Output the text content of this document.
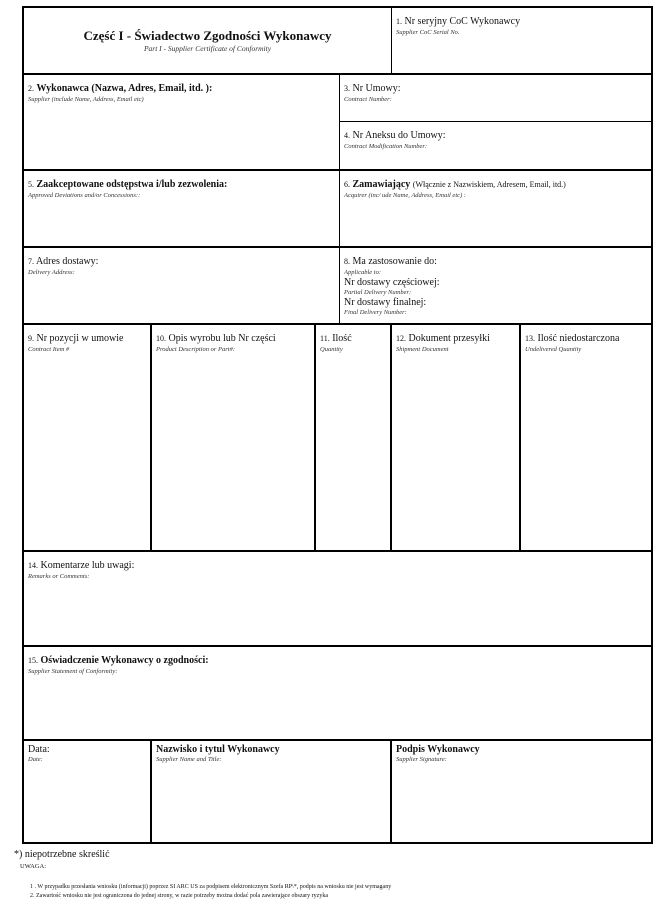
Część I - Świadectwo Zgodności Wykonawcy
Part I - Supplier Certificate of Conformity
1. Nr seryjny CoC Wykonawcy
Supplier CoC Serial No.
2. Wykonawca (Nazwa, Adres, Email, itd. ):
Supplier (include Name, Address, Email etc)
3. Nr Umowy:
Contract Number:
4. Nr Aneksu do Umowy:
Contract Modification Number:
5. Zaakceptowane odstępstwa i/lub zezwolenia:
Approved Deviations and/or Concessions::
6. Zamawiający (Włącznie z Nazwiskiem, Adresem, Email, itd.)
Acquirer (inc/ ude Name, Address, Email etc) :
7. Adres dostawy:
Delivery Address:
8. Ma zastosowanie do:
Applicable to:
Nr dostawy częściowej:
Partial Delivery Number:
Nr dostawy finalnej:
Final Delivery Number:
9. Nr pozycji w umowie
Contract Item #
10. Opis wyrobu lub Nr części
Product Description or Part#:
11. Ilość
Quantity
12. Dokument przesyłki
Shipment Document
13. Ilość niedostarczona
Undelivered Quantity
14. Komentarze lub uwagi:
Remarks or Comments:
15. Oświadczenie Wykonawcy o zgodności:
Supplier Statement of Conformity:
Data:
Date:
Nazwisko i tytul Wykonawcy
Supplier Name and Title:
Podpis Wykonawcy
Supplier Signature:
*) niepotrzebne skreślić
UWAGA:
1 . W przypadku przesłania wniosku (informacji) poprzez SI ARC US za podpisem elektronicznym Szefa RP\*, podpis na wniosku nie jest wymagany
2. Zawartość wniosku nie jest ograniczona do jednej strony, w razie potrzeby można dodać pola zawierające obszary ryzyka
